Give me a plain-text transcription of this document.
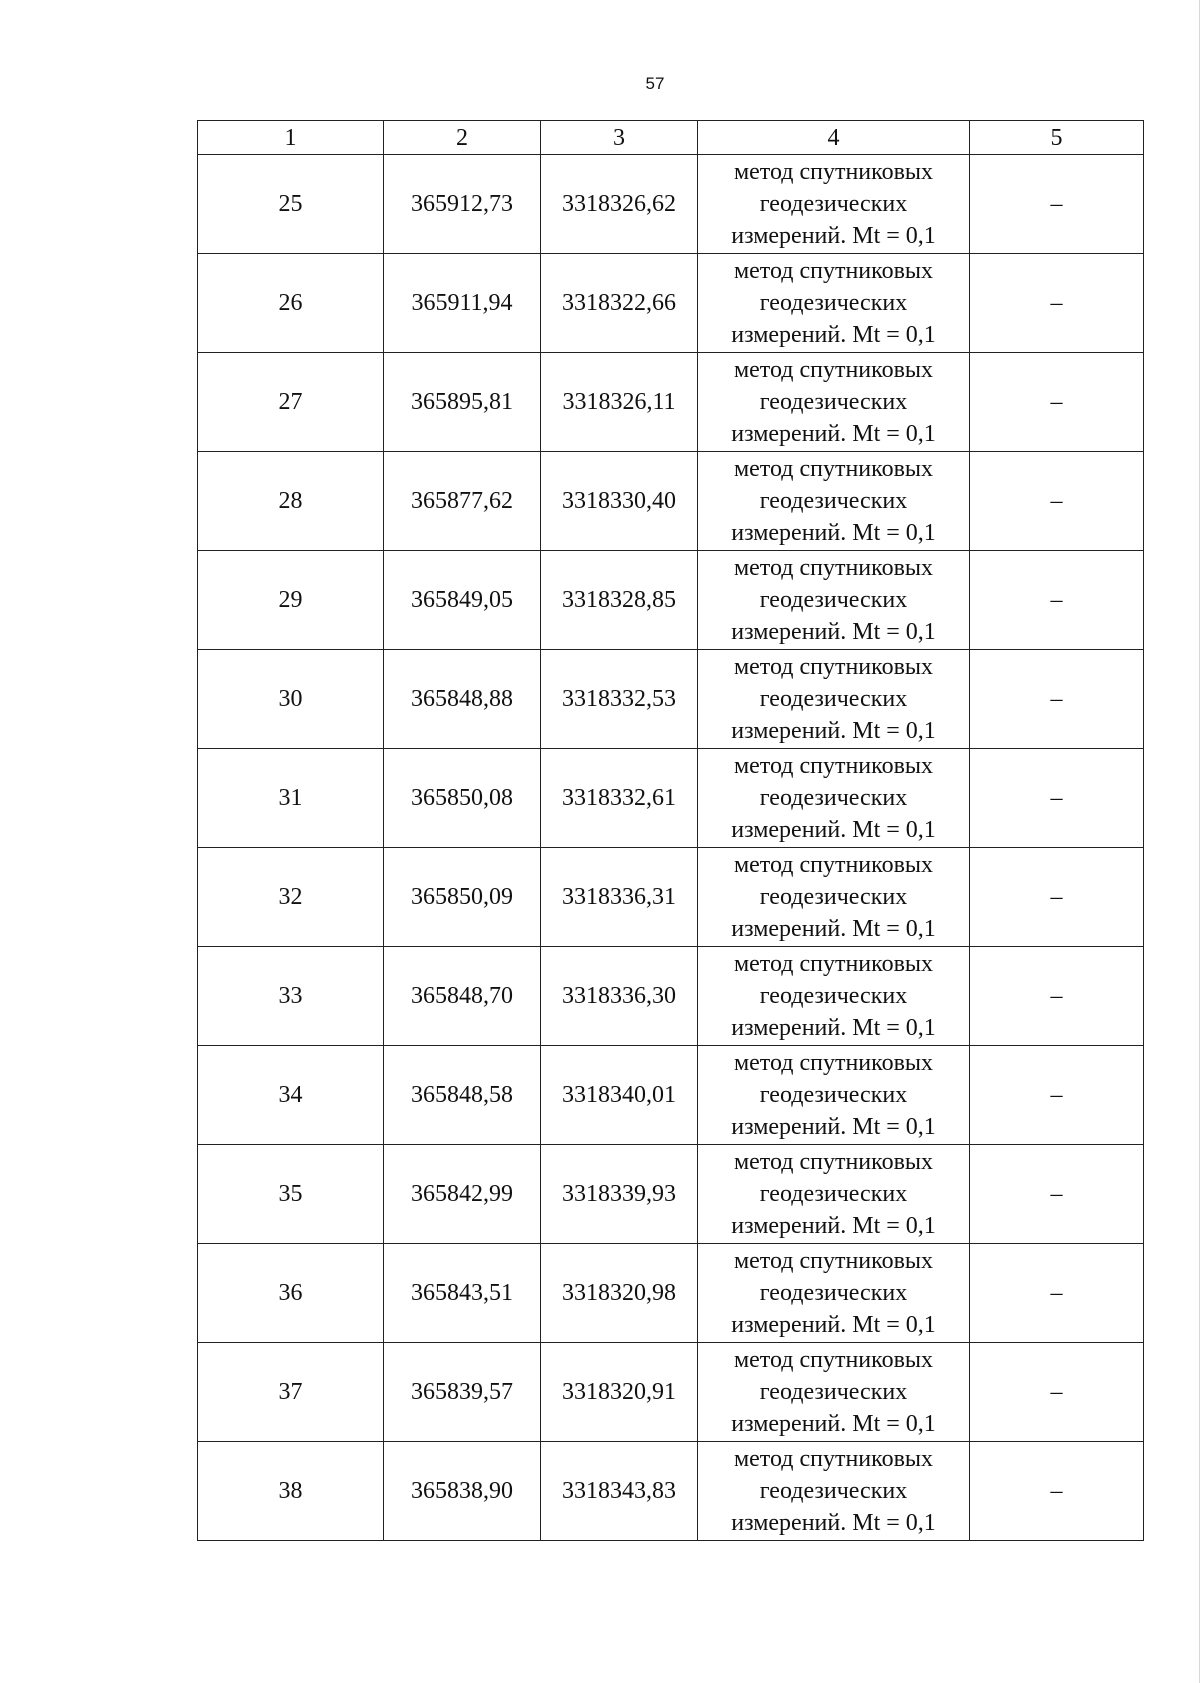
57
1	2	3	4	5
25	365912,73	3318326,62	метод спутниковых
геодезических
измерений. Mt = 0,1	–
26	365911,94	3318322,66	метод спутниковых
геодезических
измерений. Mt = 0,1	–
27	365895,81	3318326,11	метод спутниковых
геодезических
измерений. Mt = 0,1	–
28	365877,62	3318330,40	метод спутниковых
геодезических
измерений. Mt = 0,1	–
29	365849,05	3318328,85	метод спутниковых
геодезических
измерений. Mt = 0,1	–
30	365848,88	3318332,53	метод спутниковых
геодезических
измерений. Mt = 0,1	–
31	365850,08	3318332,61	метод спутниковых
геодезических
измерений. Mt = 0,1	–
32	365850,09	3318336,31	метод спутниковых
геодезических
измерений. Mt = 0,1	–
33	365848,70	3318336,30	метод спутниковых
геодезических
измерений. Mt = 0,1	–
34	365848,58	3318340,01	метод спутниковых
геодезических
измерений. Mt = 0,1	–
35	365842,99	3318339,93	метод спутниковых
геодезических
измерений. Mt = 0,1	–
36	365843,51	3318320,98	метод спутниковых
геодезических
измерений. Mt = 0,1	–
37	365839,57	3318320,91	метод спутниковых
геодезических
измерений. Mt = 0,1	–
38	365838,90	3318343,83	метод спутниковых
геодезических
измерений. Mt = 0,1	–
